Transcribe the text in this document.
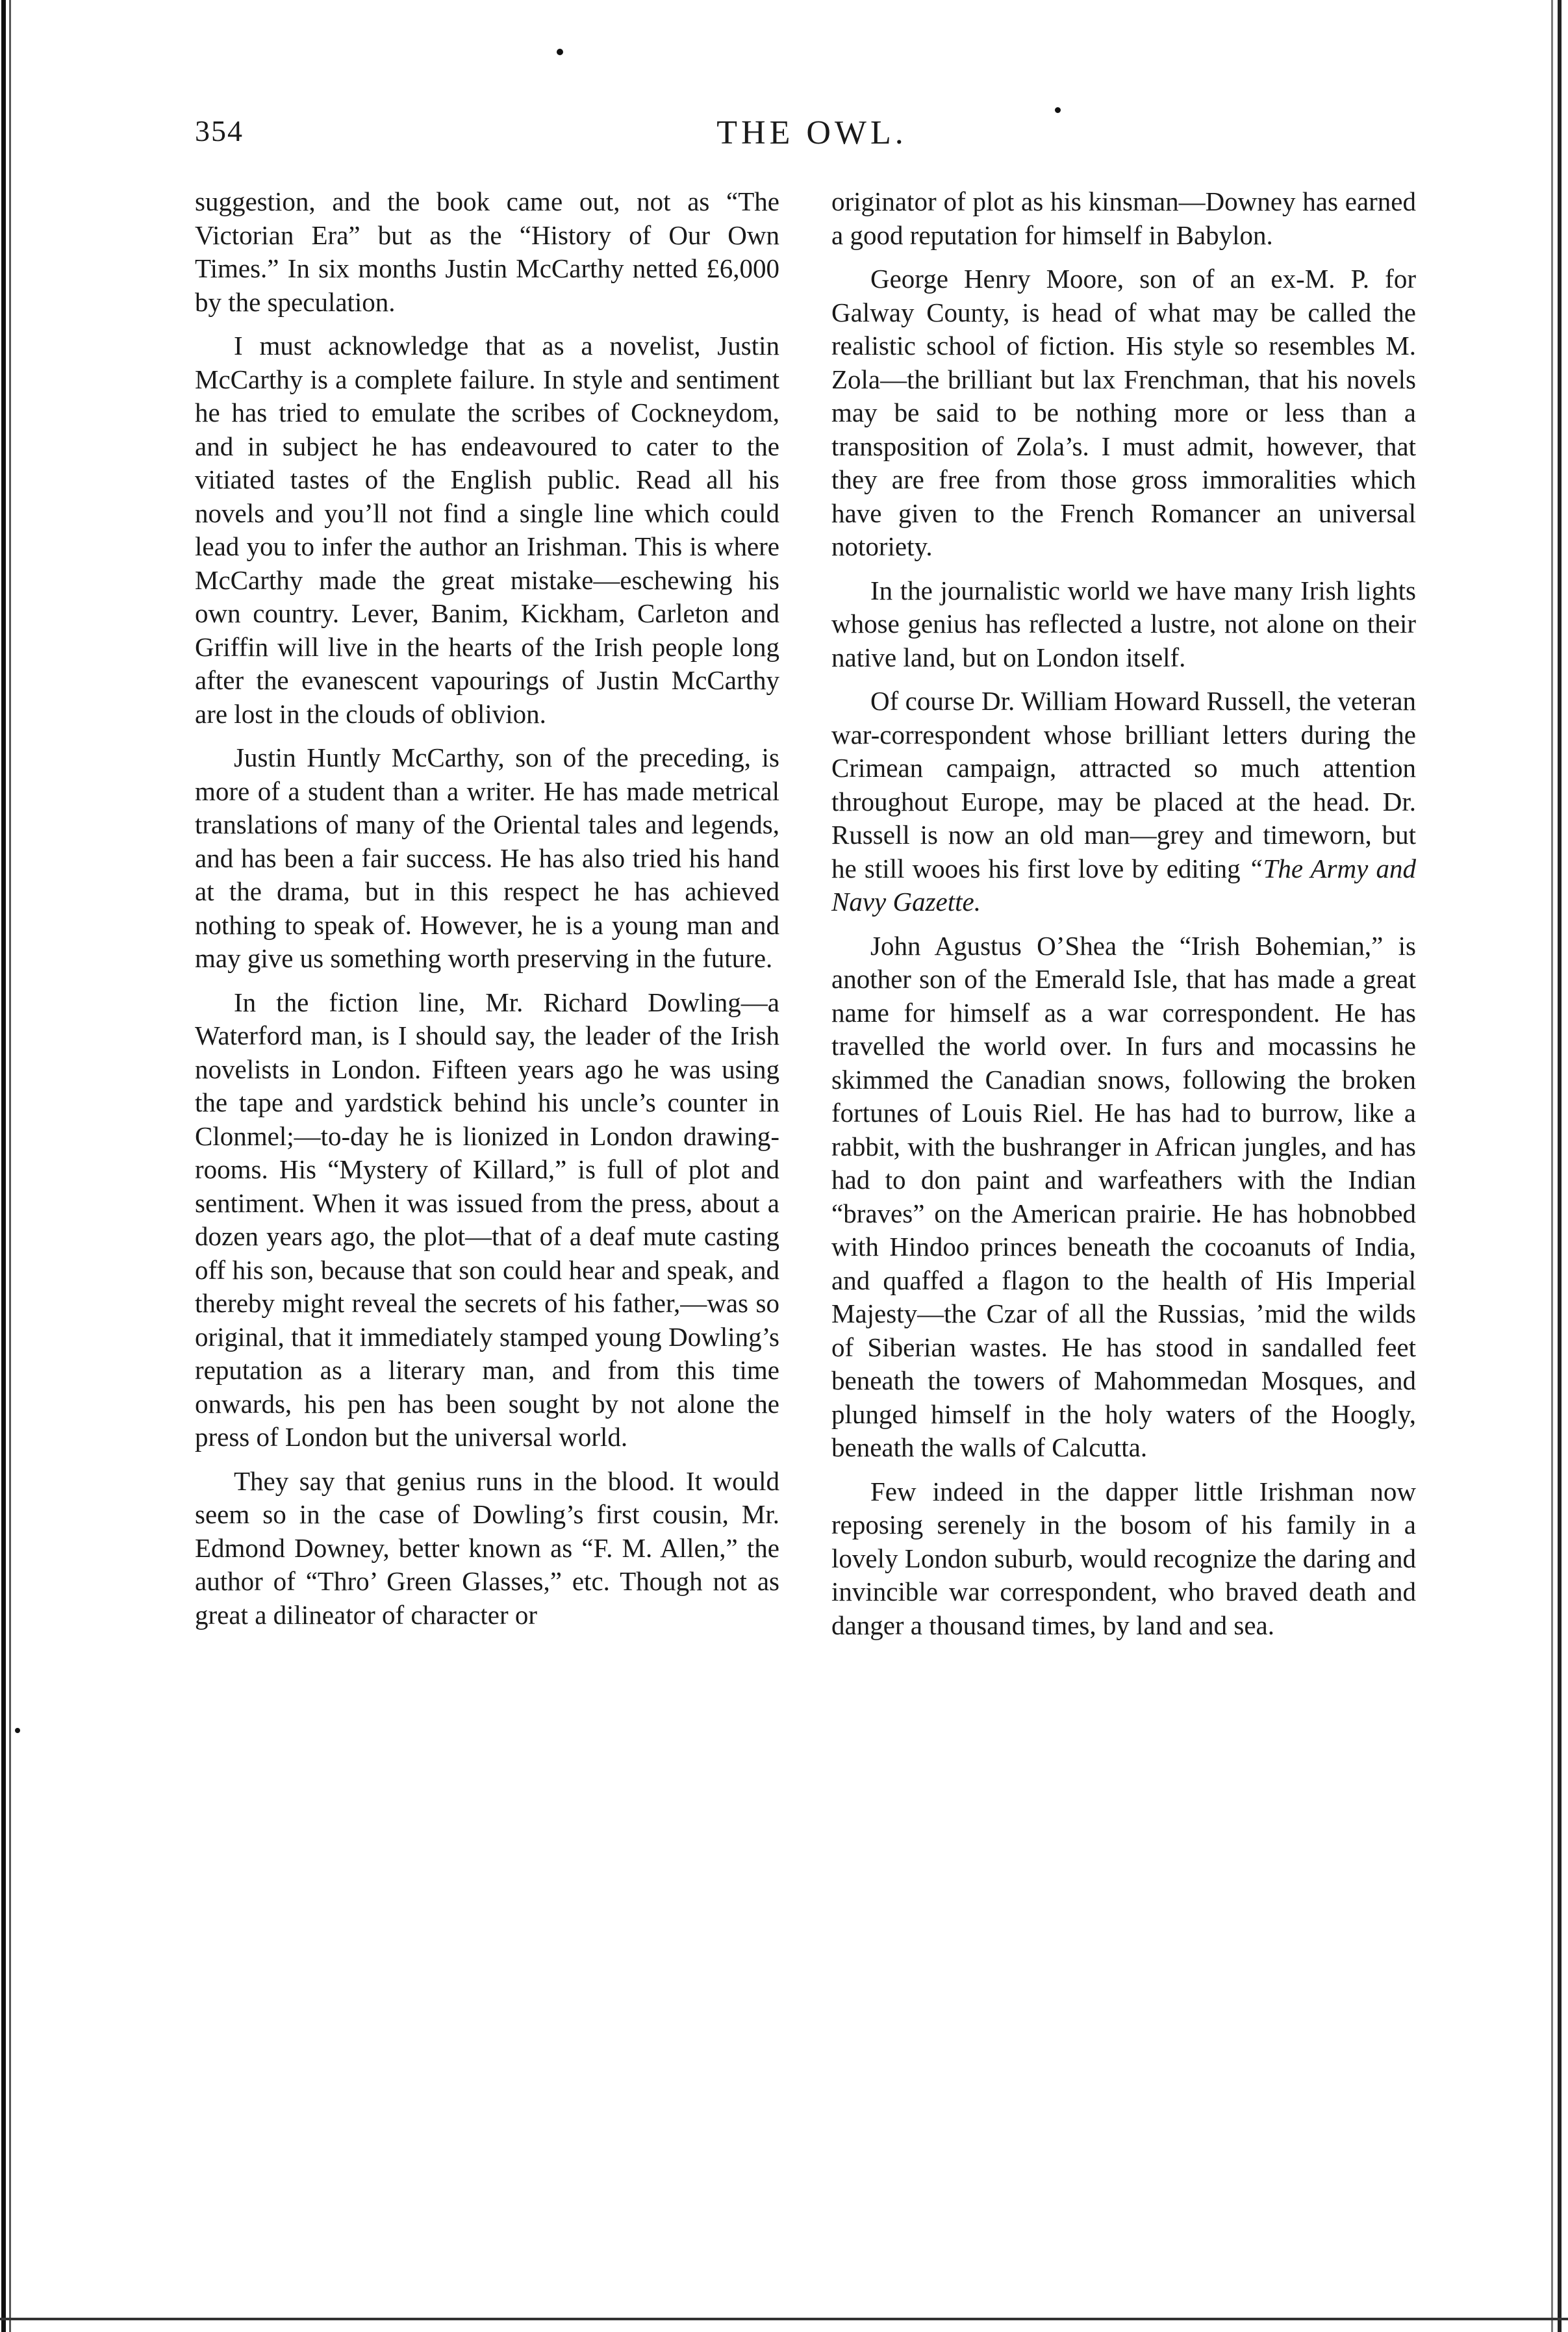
354	THE OWL.

suggestion, and the book came out, not as “The Victorian Era” but as the “History of Our Own Times.” In six months Justin McCarthy netted £6,000 by the speculation.

I must acknowledge that as a novelist, Justin McCarthy is a complete failure. In style and sentiment he has tried to emulate the scribes of Cockneydom, and in subject he has endeavoured to cater to the vitiated tastes of the English public. Read all his novels and you’ll not find a single line which could lead you to infer the author an Irishman. This is where McCarthy made the great mistake—eschewing his own country. Lever, Banim, Kickham, Carleton and Griffin will live in the hearts of the Irish people long after the evanescent vapourings of Justin McCarthy are lost in the clouds of oblivion.

Justin Huntly McCarthy, son of the preceding, is more of a student than a writer. He has made metrical translations of many of the Oriental tales and legends, and has been a fair success. He has also tried his hand at the drama, but in this respect he has achieved nothing to speak of. However, he is a young man and may give us something worth preserving in the future.

In the fiction line, Mr. Richard Dowling—a Waterford man, is I should say, the leader of the Irish novelists in London. Fifteen years ago he was using the tape and yardstick behind his uncle’s counter in Clonmel;—to-day he is lionized in London drawing-rooms. His “Mystery of Killard,” is full of plot and sentiment. When it was issued from the press, about a dozen years ago, the plot—that of a deaf mute casting off his son, because that son could hear and speak, and thereby might reveal the secrets of his father,—was so original, that it immediately stamped young Dowling’s reputation as a literary man, and from this time onwards, his pen has been sought by not alone the press of London but the universal world.

They say that genius runs in the blood. It would seem so in the case of Dowling’s first cousin, Mr. Edmond Downey, better known as “F. M. Allen,” the author of “Thro’ Green Glasses,” etc. Though not as great a dilineator of character or

originator of plot as his kinsman—Downey has earned a good reputation for himself in Babylon.

George Henry Moore, son of an ex-M. P. for Galway County, is head of what may be called the realistic school of fiction. His style so resembles M. Zola—the brilliant but lax Frenchman, that his novels may be said to be nothing more or less than a transposition of Zola’s. I must admit, however, that they are free from those gross immoralities which have given to the French Romancer an universal notoriety.

In the journalistic world we have many Irish lights whose genius has reflected a lustre, not alone on their native land, but on London itself.

Of course Dr. William Howard Russell, the veteran war-correspondent whose brilliant letters during the Crimean campaign, attracted so much attention throughout Europe, may be placed at the head. Dr. Russell is now an old man—grey and timeworn, but he still wooes his first love by editing “The Army and Navy Gazette.

John Agustus O’Shea the “Irish Bohemian,” is another son of the Emerald Isle, that has made a great name for himself as a war correspondent. He has travelled the world over. In furs and mocassins he skimmed the Canadian snows, following the broken fortunes of Louis Riel. He has had to burrow, like a rabbit, with the bushranger in African jungles, and has had to don paint and warfeathers with the Indian “braves” on the American prairie. He has hobnobbed with Hindoo princes beneath the cocoanuts of India, and quaffed a flagon to the health of His Imperial Majesty—the Czar of all the Russias, ’mid the wilds of Siberian wastes. He has stood in sandalled feet beneath the towers of Mahommedan Mosques, and plunged himself in the holy waters of the Hoogly, beneath the walls of Calcutta.

Few indeed in the dapper little Irishman now reposing serenely in the bosom of his family in a lovely London suburb, would recognize the daring and invincible war correspondent, who braved death and danger a thousand times, by land and sea.
